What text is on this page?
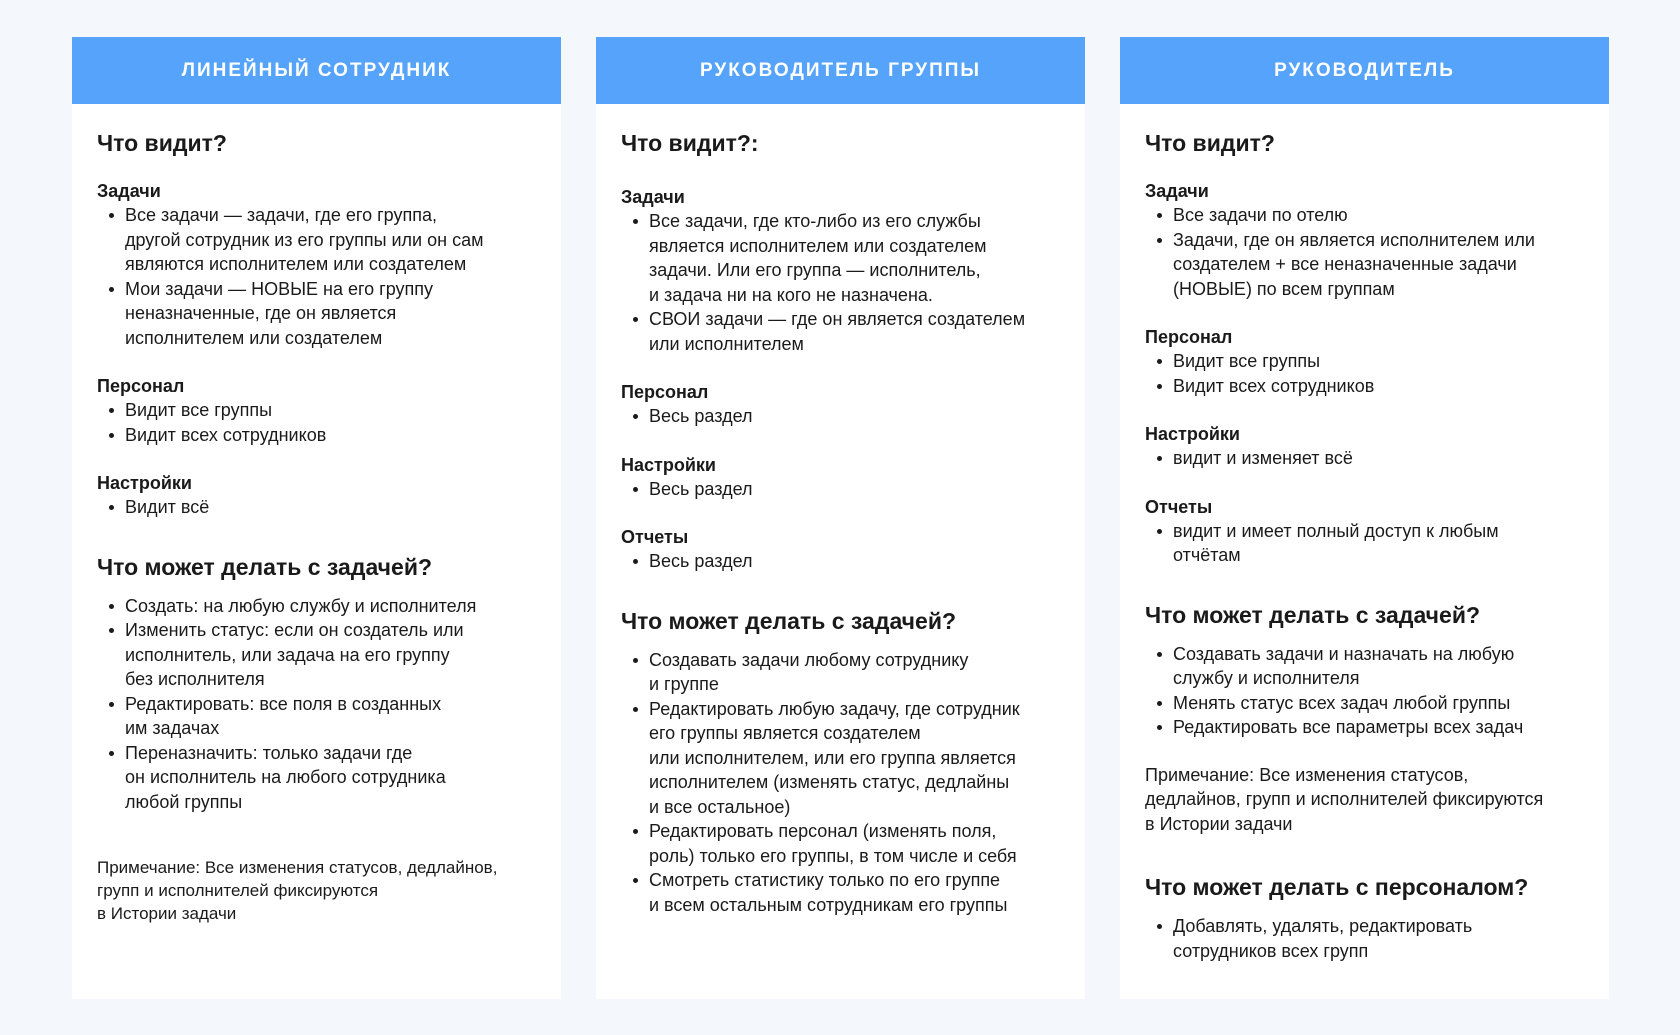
ЛИНЕЙНЫЙ СОТРУДНИК
Что видит?
Задачи
Все задачи — задачи, где его группа,
другой сотрудник из его группы или он сам
являются исполнителем или создателем
Мои задачи — НОВЫЕ на его группу
неназначенные, где он является
исполнителем или создателем
Персонал
Видит все группы
Видит всех сотрудников
Настройки
Видит всё
Что может делать с задачей?
Создать: на любую службу и исполнителя
Изменить статус: если он создатель или
исполнитель, или задача на его группу
без исполнителя
Редактировать: все поля в созданных
им задачах
Переназначить: только задачи где
он исполнитель на любого сотрудника
любой группы
Примечание: Все изменения статусов, дедлайнов,
групп и исполнителей фиксируются
в Истории задачи
РУКОВОДИТЕЛЬ ГРУППЫ
Что видит?:
Задачи
Все задачи, где кто-либо из его службы
является исполнителем или создателем
задачи. Или его группа — исполнитель,
и задача ни на кого не назначена.
СВОИ задачи — где он является создателем
или исполнителем
Персонал
Весь раздел
Настройки
Весь раздел
Отчеты
Весь раздел
Что может делать с задачей?
Создавать задачи любому сотруднику
и группе
Редактировать любую задачу, где сотрудник
его группы является создателем
или исполнителем, или его группа является
исполнителем (изменять статус, дедлайны
и все остальное)
Редактировать персонал (изменять поля,
роль) только его группы, в том числе и себя
Смотреть статистику только по его группе
и всем остальным сотрудникам его группы
РУКОВОДИТЕЛЬ
Что видит?
Задачи
Все задачи по отелю
Задачи, где он является исполнителем или
создателем + все неназначенные задачи
(НОВЫЕ) по всем группам
Персонал
Видит все группы
Видит всех сотрудников
Настройки
видит и изменяет всё
Отчеты
видит и имеет полный доступ к любым
отчётам
Что может делать с задачей?
Создавать задачи и назначать на любую
службу и исполнителя
Менять статус всех задач любой группы
Редактировать все параметры всех задач
Примечание: Все изменения статусов,
дедлайнов, групп и исполнителей фиксируются
в Истории задачи
Что может делать с персоналом?
Добавлять, удалять, редактировать
сотрудников всех групп
